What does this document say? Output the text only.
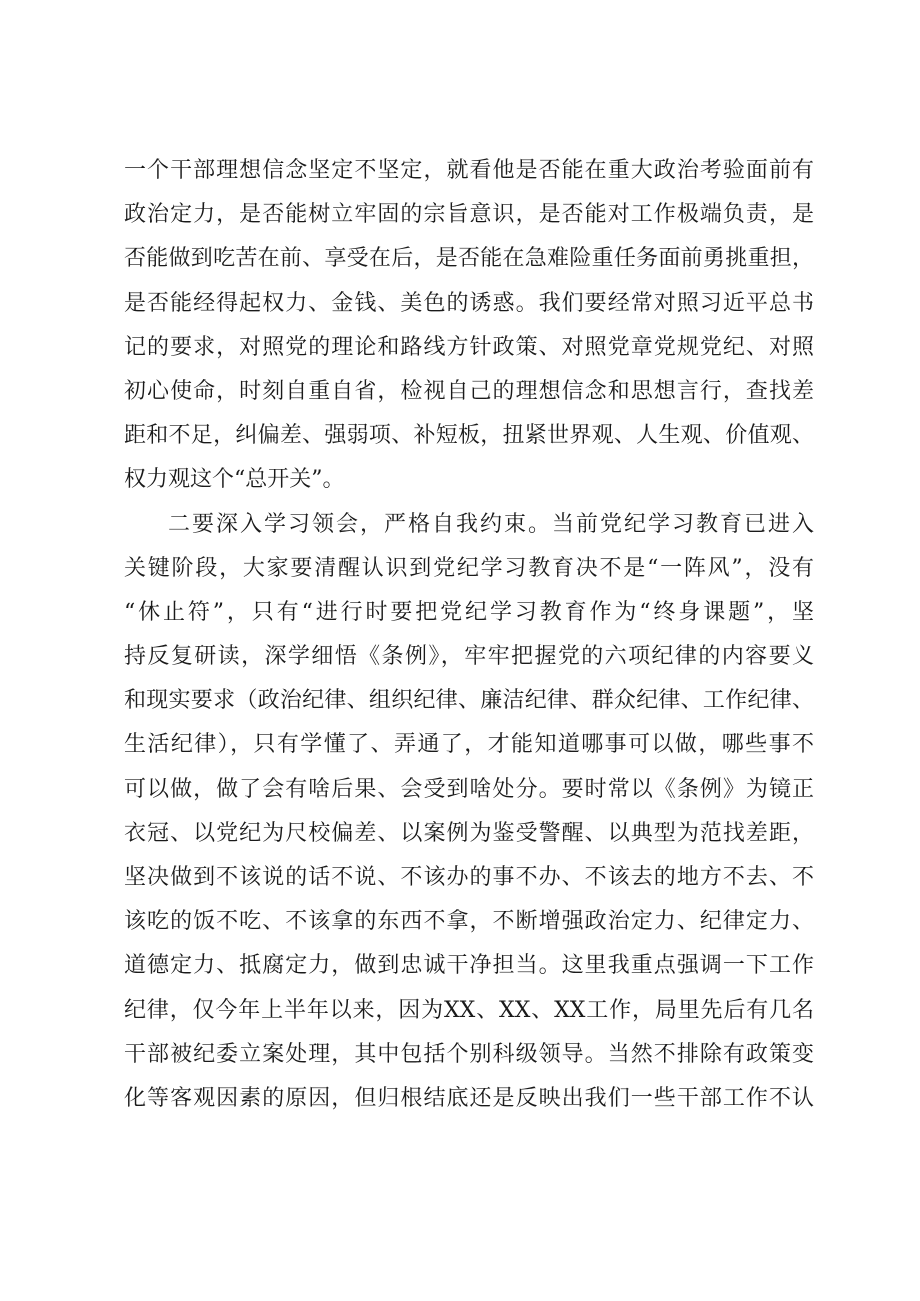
一个干部理想信念坚定不坚定，就看他是否能在重大政治考验面前有
政治定力，是否能树立牢固的宗旨意识，是否能对工作极端负责，是
否能做到吃苦在前、享受在后，是否能在急难险重任务面前勇挑重担，
是否能经得起权力、金钱、美色的诱惑。我们要经常对照习近平总书
记的要求，对照党的理论和路线方针政策、对照党章党规党纪、对照
初心使命，时刻自重自省，检视自己的理想信念和思想言行，查找差
距和不足，纠偏差、强弱项、补短板，扭紧世界观、人生观、价值观、
权力观这个“总开关”。
二要深入学习领会，严格自我约束。当前党纪学习教育已进入
关键阶段，大家要清醒认识到党纪学习教育决不是“一阵风”，没有
“休止符”，只有“进行时要把党纪学习教育作为“终身课题”，坚
持反复研读，深学细悟《条例》，牢牢把握党的六项纪律的内容要义
和现实要求（政治纪律、组织纪律、廉洁纪律、群众纪律、工作纪律、
生活纪律），只有学懂了、弄通了，才能知道哪事可以做，哪些事不
可以做，做了会有啥后果、会受到啥处分。要时常以《条例》为镜正
衣冠、以党纪为尺校偏差、以案例为鉴受警醒、以典型为范找差距，
坚决做到不该说的话不说、不该办的事不办、不该去的地方不去、不
该吃的饭不吃、不该拿的东西不拿，不断增强政治定力、纪律定力、
道德定力、抵腐定力，做到忠诚干净担当。这里我重点强调一下工作
纪律，仅今年上半年以来，因为XX、XX、XX工作，局里先后有几名
干部被纪委立案处理，其中包括个别科级领导。当然不排除有政策变
化等客观因素的原因，但归根结底还是反映出我们一些干部工作不认
